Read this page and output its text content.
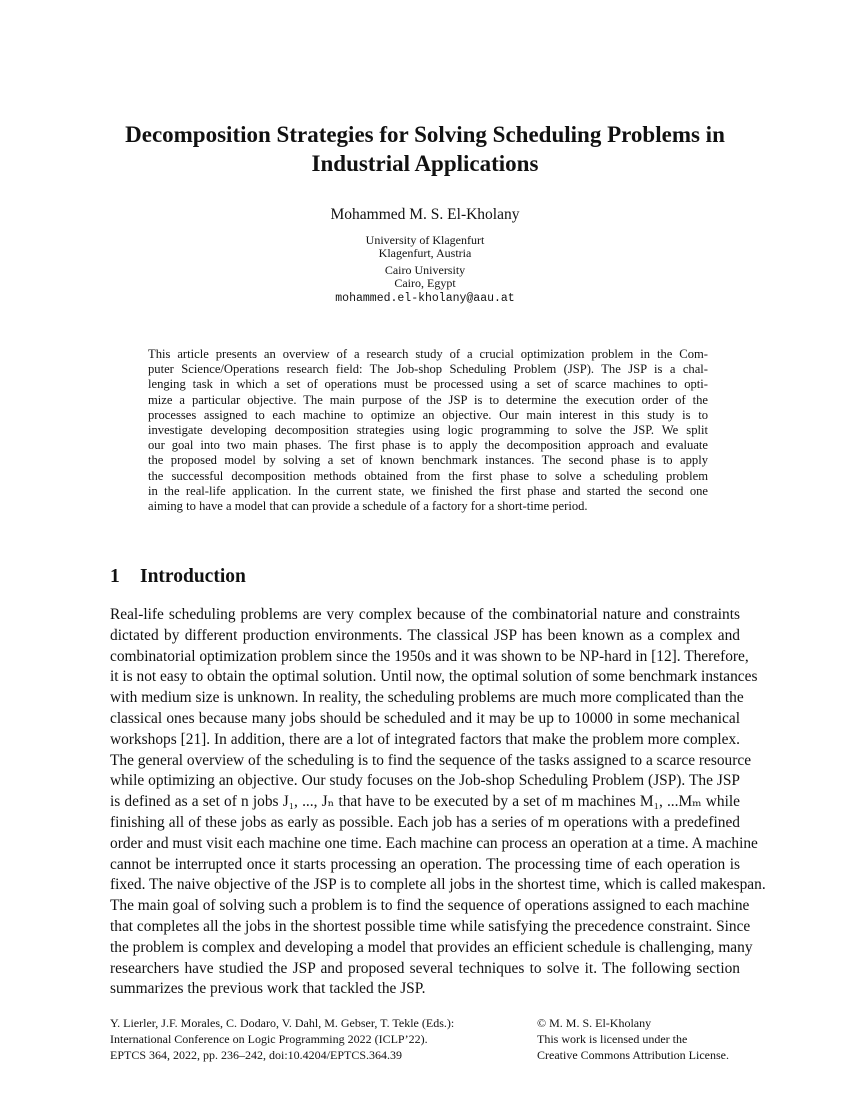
Decomposition Strategies for Solving Scheduling Problems in
Industrial Applications
Mohammed M. S. El-Kholany
University of Klagenfurt
Klagenfurt, Austria
Cairo University
Cairo, Egypt
mohammed.el-kholany@aau.at
This article presents an overview of a research study of a crucial optimization problem in the Com-
puter Science/Operations research field: The Job-shop Scheduling Problem (JSP). The JSP is a chal-
lenging task in which a set of operations must be processed using a set of scarce machines to opti-
mize a particular objective. The main purpose of the JSP is to determine the execution order of the
processes assigned to each machine to optimize an objective. Our main interest in this study is to
investigate developing decomposition strategies using logic programming to solve the JSP. We split
our goal into two main phases. The first phase is to apply the decomposition approach and evaluate
the proposed model by solving a set of known benchmark instances. The second phase is to apply
the successful decomposition methods obtained from the first phase to solve a scheduling problem
in the real-life application. In the current state, we finished the first phase and started the second one
aiming to have a model that can provide a schedule of a factory for a short-time period.
1 Introduction
Real-life scheduling problems are very complex because of the combinatorial nature and constraints
dictated by different production environments. The classical JSP has been known as a complex and
combinatorial optimization problem since the 1950s and it was shown to be NP-hard in [12]. Therefore,
it is not easy to obtain the optimal solution. Until now, the optimal solution of some benchmark instances
with medium size is unknown. In reality, the scheduling problems are much more complicated than the
classical ones because many jobs should be scheduled and it may be up to 10000 in some mechanical
workshops [21]. In addition, there are a lot of integrated factors that make the problem more complex.
The general overview of the scheduling is to find the sequence of the tasks assigned to a scarce resource
while optimizing an objective. Our study focuses on the Job-shop Scheduling Problem (JSP). The JSP
is defined as a set of n jobs J₁, ..., Jₙ that have to be executed by a set of m machines M₁, ...Mₘ while
finishing all of these jobs as early as possible. Each job has a series of m operations with a predefined
order and must visit each machine one time. Each machine can process an operation at a time. A machine
cannot be interrupted once it starts processing an operation. The processing time of each operation is
fixed. The naive objective of the JSP is to complete all jobs in the shortest time, which is called makespan.
The main goal of solving such a problem is to find the sequence of operations assigned to each machine
that completes all the jobs in the shortest possible time while satisfying the precedence constraint. Since
the problem is complex and developing a model that provides an efficient schedule is challenging, many
researchers have studied the JSP and proposed several techniques to solve it. The following section
summarizes the previous work that tackled the JSP.
Y. Lierler, J.F. Morales, C. Dodaro, V. Dahl, M. Gebser, T. Tekle (Eds.):
International Conference on Logic Programming 2022 (ICLP’22).
EPTCS 364, 2022, pp. 236–242, doi:10.4204/EPTCS.364.39
© M. M. S. El-Kholany
This work is licensed under the
Creative Commons Attribution License.
